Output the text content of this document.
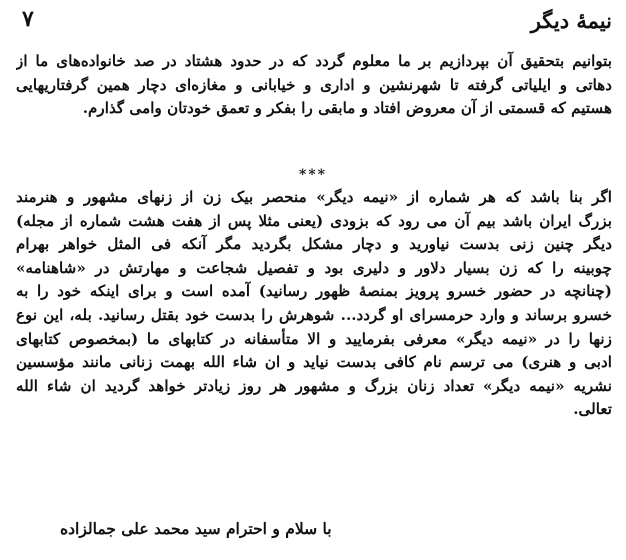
نیمهٔ دیگر
۷
بتوانیم بتحقیق آن بپردازیم بر ما معلوم گردد که در حدود هشتاد در صد خانواده‌های ما از
دهاتی و ایلیاتی گرفته تا شهرنشین و اداری و خیابانی و مغازه‌ای دچار همین گرفتاریهایی
هستیم که قسمتی از آن معروض افتاد و مابقی را بفکر و تعمق خودتان وامی گذارم.
***
اگر بنا باشد که هر شماره از «نیمه دیگر» منحصر بیک زن از زنهای مشهور و هنرمند
بزرگ ایران باشد بیم آن می رود که بزودی (یعنی مثلا پس از هفت هشت شماره از مجله)
دیگر چنین زنی بدست نیاورید و دچار مشکل بگردید مگر آنکه فی المثل خواهر بهرام
چوبینه را که زن بسیار دلاور و دلیری بود و تفصیل شجاعت و مهارتش در «شاهنامه»
(چنانچه در حضور خسرو پرویز بمنصهٔ ظهور رسانید) آمده است و برای اینکه خود را به
خسرو برساند و وارد حرمسرای او گردد... شوهرش را بدست خود بقتل رسانید. بله، این نوع
زنها را در «نیمه دیگر» معرفی بفرمایید و الا متأسفانه در کتابهای ما (بمخصوص کتابهای
ادبی و هنری) می ترسم نام کافی بدست نیاید و ان شاء الله بهمت زنانی مانند مؤسسین
نشریه «نیمه دیگر» تعداد زنان بزرگ و مشهور هر روز زیادتر خواهد گردید ان شاء الله
تعالی.
با سلام و احترام سید محمد علی جمالزاده
